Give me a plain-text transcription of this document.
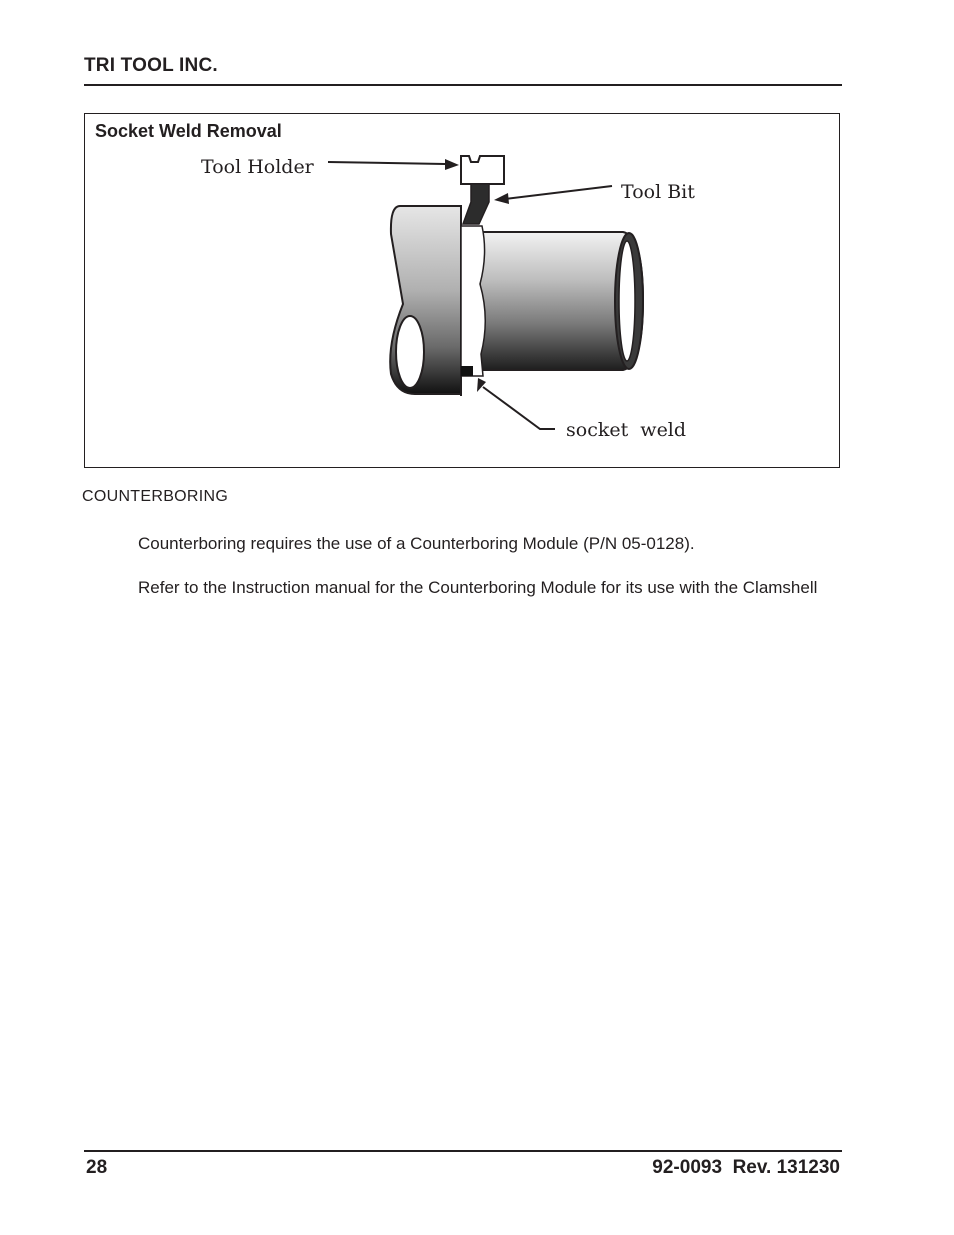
TRI TOOL INC.
Socket Weld Removal
Tool Holder
Tool Bit
socket  weld
COUNTERBORING
Counterboring requires the use of a Counterboring Module (P/N 05-0128).
Refer to the Instruction manual for the Counterboring Module for its use with the Clamshell
28	92-0093  Rev. 131230
